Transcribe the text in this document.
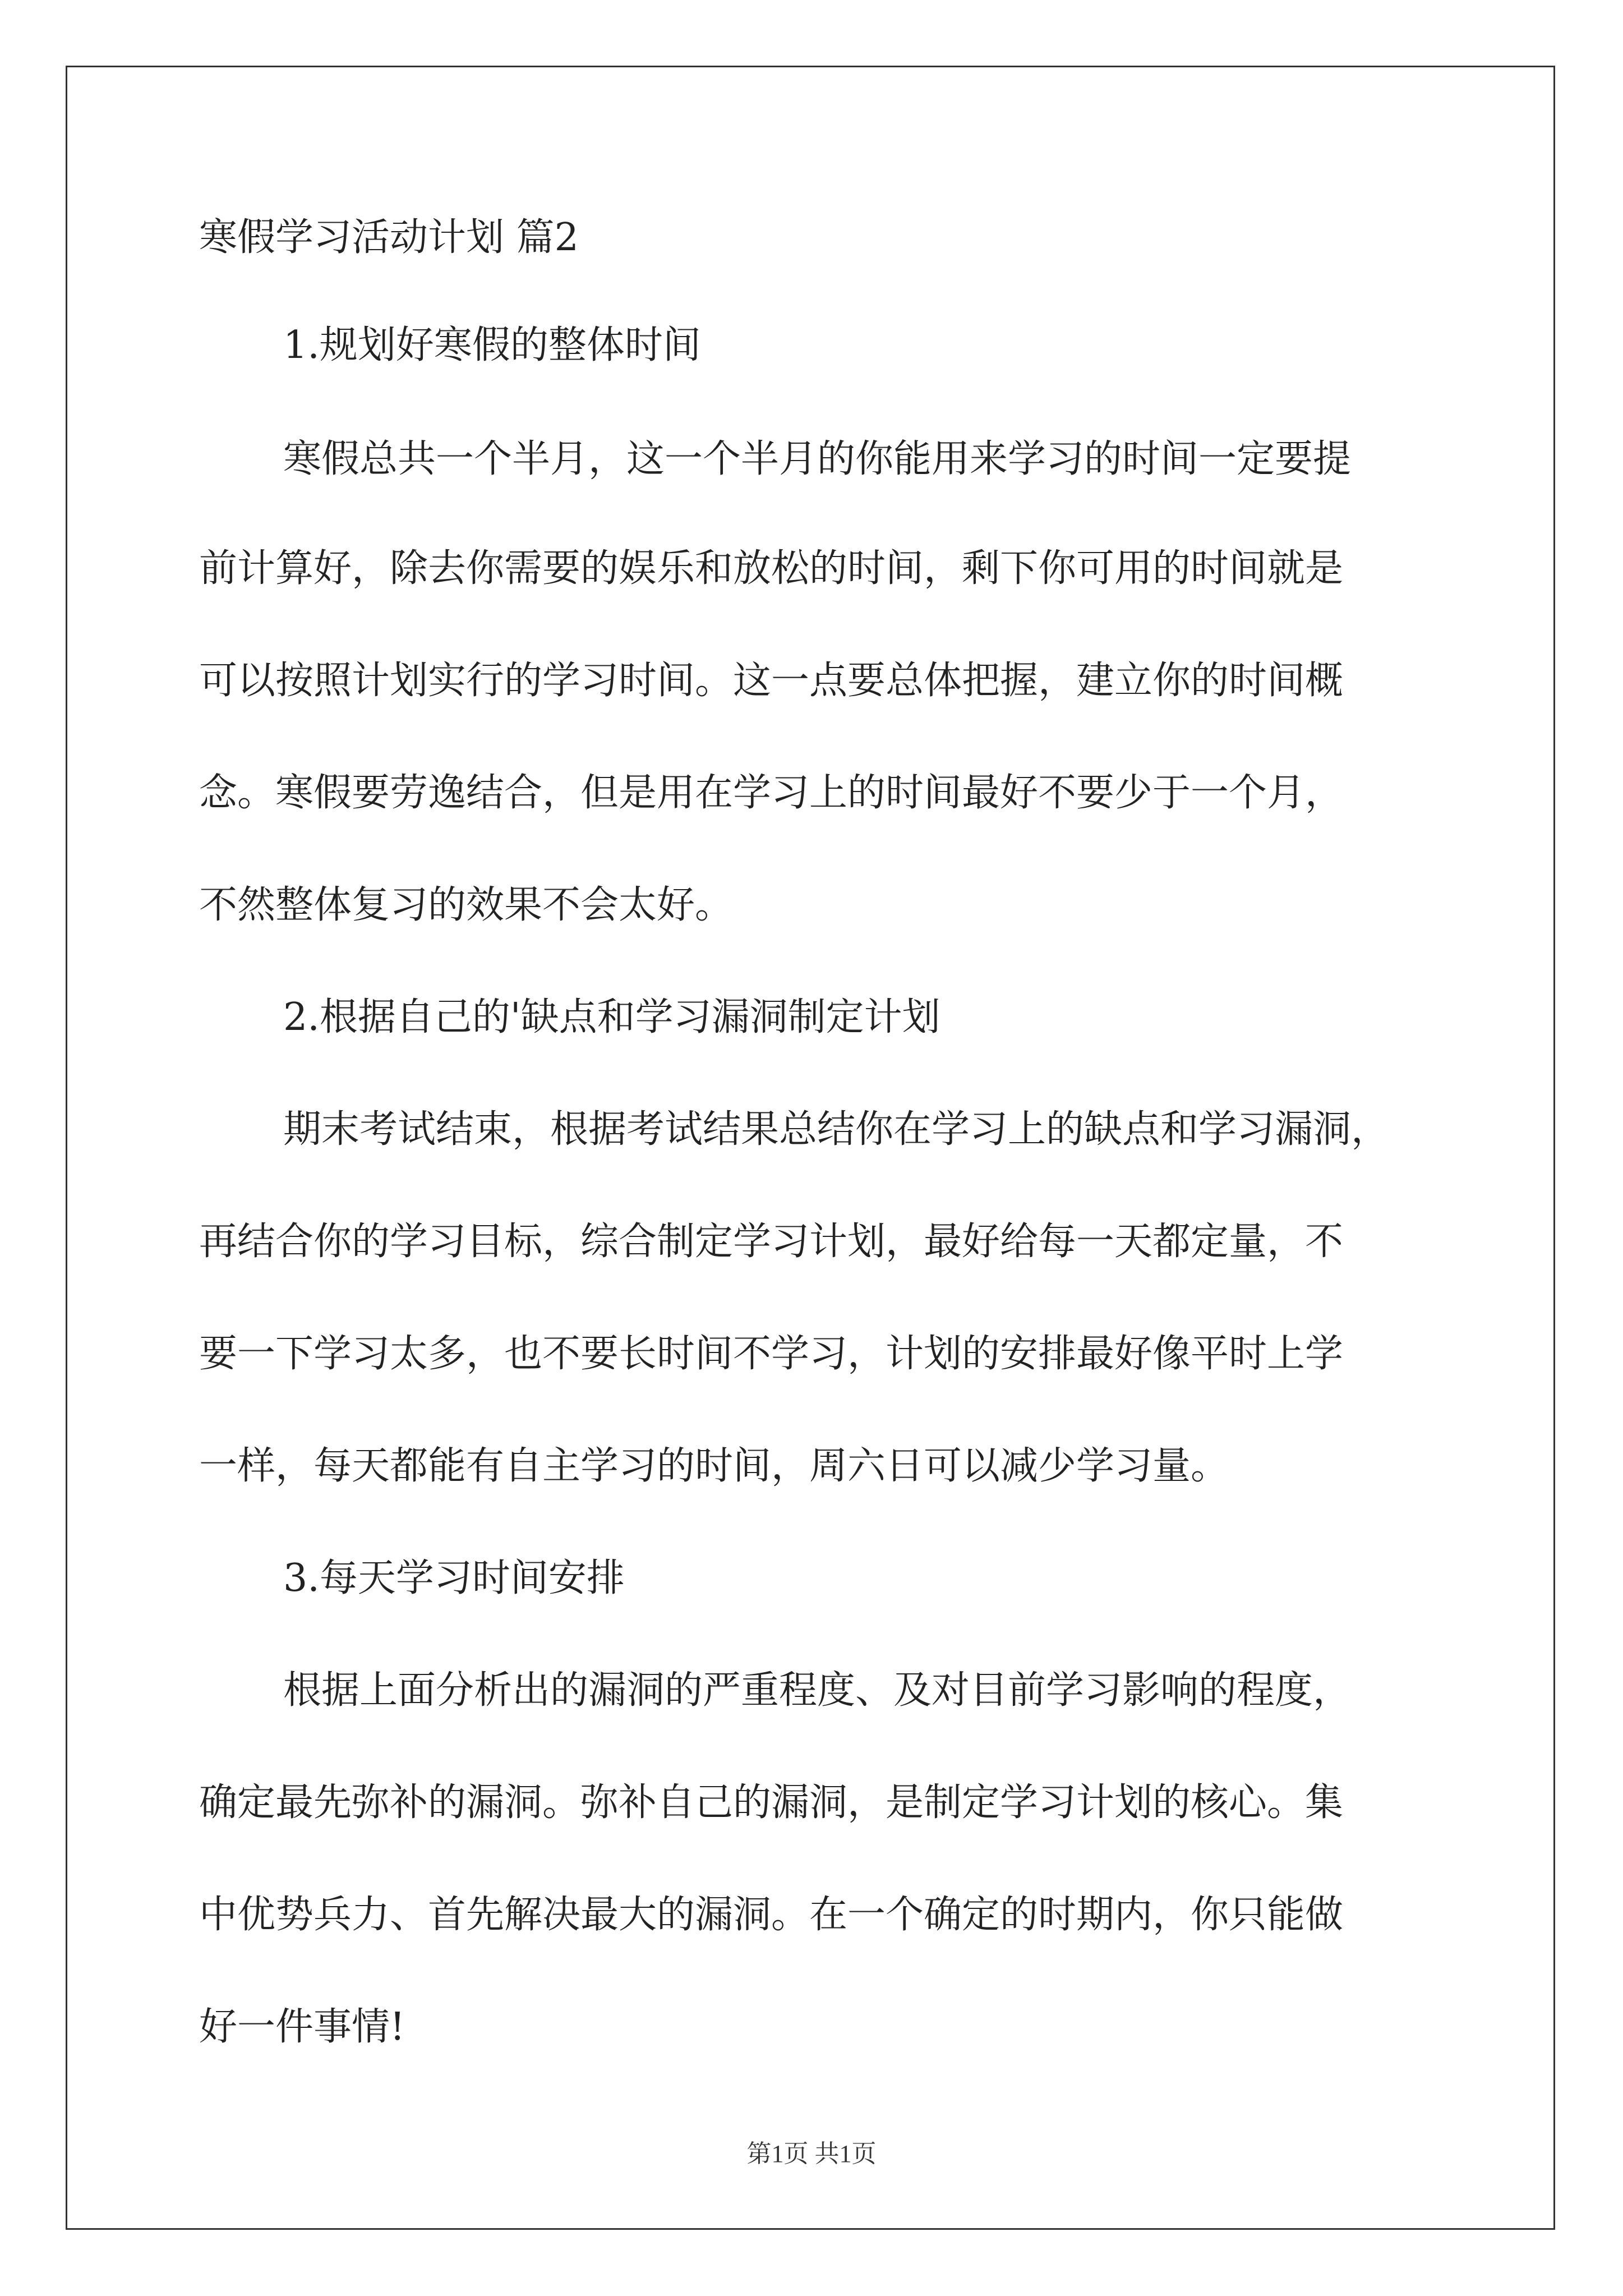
寒假学习活动计划 篇2
1.规划好寒假的整体时间
寒假总共一个半月，这一个半月的你能用来学习的时间一定要提
前计算好，除去你需要的娱乐和放松的时间，剩下你可用的时间就是
可以按照计划实行的学习时间。这一点要总体把握，建立你的时间概
念。寒假要劳逸结合，但是用在学习上的时间最好不要少于一个月，
不然整体复习的效果不会太好。
2.根据自己的'缺点和学习漏洞制定计划
期末考试结束，根据考试结果总结你在学习上的缺点和学习漏洞，
再结合你的学习目标，综合制定学习计划，最好给每一天都定量，不
要一下学习太多，也不要长时间不学习，计划的安排最好像平时上学
一样，每天都能有自主学习的时间，周六日可以减少学习量。
3.每天学习时间安排
根据上面分析出的漏洞的严重程度、及对目前学习影响的程度，
确定最先弥补的漏洞。弥补自己的漏洞，是制定学习计划的核心。集
中优势兵力、首先解决最大的漏洞。在一个确定的时期内，你只能做
好一件事情!
第1页 共1页
